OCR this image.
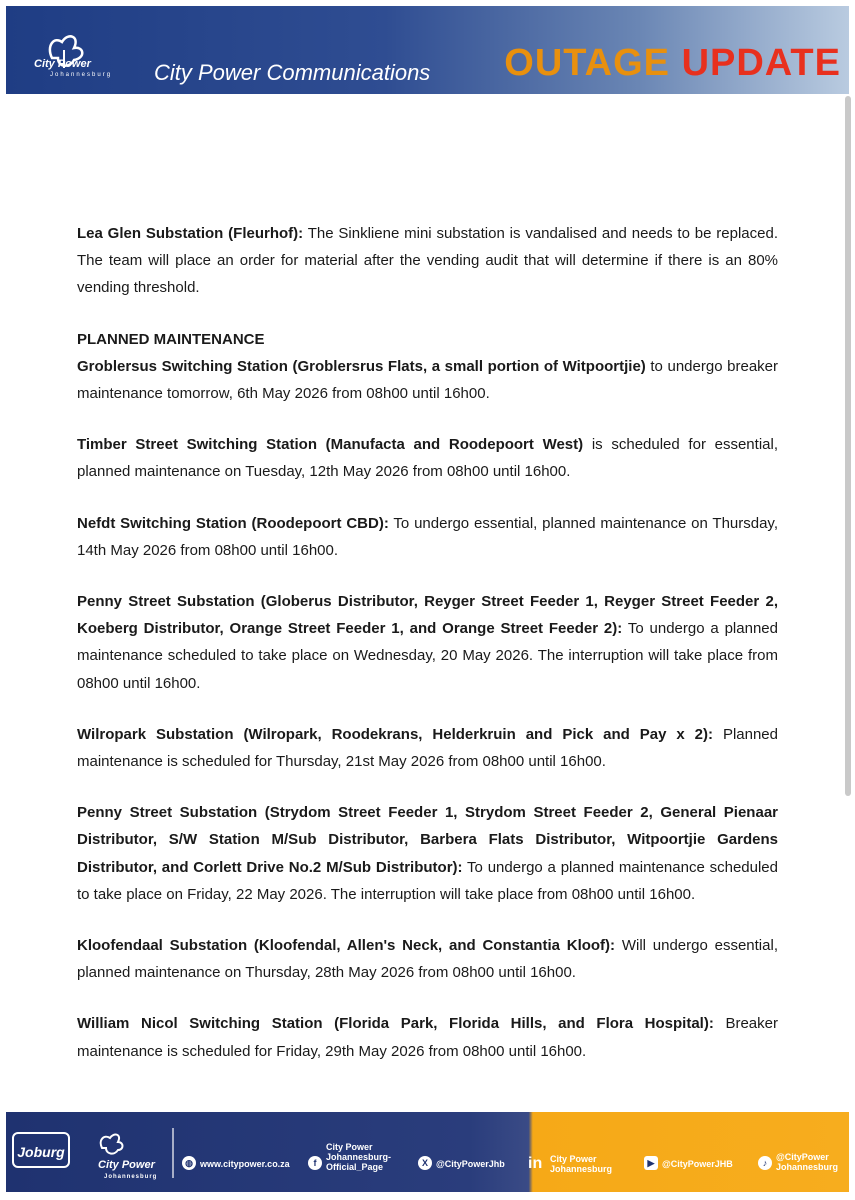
City Power
Johannesburg City Power Communications OUTAGE UPDATE

Lea Glen Substation (Fleurhof): The Sinkliene mini substation is vandalised and needs to be replaced. The team will place an order for material after the vending audit that will determine if there is an 80% vending threshold.

PLANNED MAINTENANCE

Groblersus Switching Station (Groblersrus Flats, a small portion of Witpoortjie) to undergo breaker maintenance tomorrow, 6th May 2026 from 08h00 until 16h00.

Timber Street Switching Station (Manufacta and Roodepoort West) is scheduled for essential, planned maintenance on Tuesday, 12th May 2026 from 08h00 until 16h00.

Nefdt Switching Station (Roodepoort CBD): To undergo essential, planned maintenance on Thursday, 14th May 2026 from 08h00 until 16h00.

Penny Street Substation (Globerus Distributor, Reyger Street Feeder 1, Reyger Street Feeder 2, Koeberg Distributor, Orange Street Feeder 1, and Orange Street Feeder 2): To undergo a planned maintenance scheduled to take place on Wednesday, 20 May 2026. The interruption will take place from 08h00 until 16h00.

Wilropark Substation (Wilropark, Roodekrans, Helderkruin and Pick and Pay x 2): Planned maintenance is scheduled for Thursday, 21st May 2026 from 08h00 until 16h00.

Penny Street Substation (Strydom Street Feeder 1, Strydom Street Feeder 2, General Pienaar Distributor, S/W Station M/Sub Distributor, Barbera Flats Distributor, Witpoortjie Gardens Distributor, and Corlett Drive No.2 M/Sub Distributor): To undergo a planned maintenance scheduled to take place on Friday, 22 May 2026. The interruption will take place from 08h00 until 16h00.

Kloofendaal Substation (Kloofendal, Allen's Neck, and Constantia Kloof): Will undergo essential, planned maintenance on Thursday, 28th May 2026 from 08h00 until 16h00.

William Nicol Switching Station (Florida Park, Florida Hills, and Flora Hospital): Breaker maintenance is scheduled for Friday, 29th May 2026 from 08h00 until 16h00.

Joburg
City Power
Johannesburg
◍ www.citypower.co.za	f
City Power Johannesburg-Official_Page	X @CityPowerJhb in City Power Johannesburg
▶ @CityPowerJHB	♪
@CityPower Johannesburg
